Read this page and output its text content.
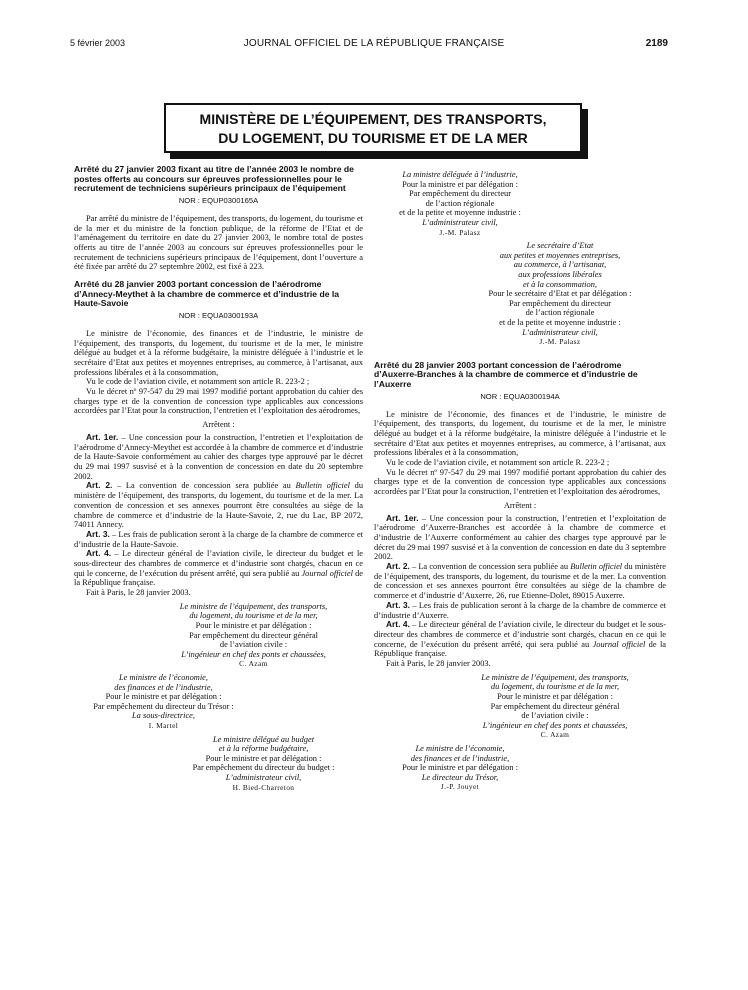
5 février 2003	JOURNAL OFFICIEL DE LA RÉPUBLIQUE FRANÇAISE	2189
MINISTÈRE DE L’ÉQUIPEMENT, DES TRANSPORTS,
DU LOGEMENT, DU TOURISME ET DE LA MER
Arrêté du 27 janvier 2003 fixant au titre de l’année 2003 le nombre de postes offerts au concours sur épreuves professionnelles pour le recrutement de techniciens supérieurs principaux de l’équipement
NOR : EQUP0300165A

Par arrêté du ministre de l’équipement, des transports, du logement, du tourisme et de la mer et du ministre de la fonction publique, de la réforme de l’Etat et de l’aménagement du territoire en date du 27 janvier 2003, le nombre total de postes offerts au titre de l’année 2003 au concours sur épreuves professionnelles pour le recrutement de techniciens supérieurs principaux de l’équipement, dont l’ouverture a été fixée par arrêté du 27 septembre 2002, est fixé à 223.

Arrêté du 28 janvier 2003 portant concession de l’aérodrome d’Annecy-Meythet à la chambre de commerce et d’industrie de la Haute-Savoie
NOR : EQUA0300193A

Le ministre de l’économie, des finances et de l’industrie, le ministre de l’équipement, des transports, du logement, du tourisme et de la mer, le ministre délégué au budget et à la réforme budgétaire, la ministre déléguée à l’industrie et le secrétaire d’Etat aux petites et moyennes entreprises, au commerce, à l’artisanat, aux professions libérales et à la consommation,

Vu le code de l’aviation civile, et notamment son article R. 223-2 ;

Vu le décret nº 97-547 du 29 mai 1997 modifié portant approbation du cahier des charges type et de la convention de concession type applicables aux concessions accordées par l’Etat pour la construction, l’entretien et l’exploitation des aérodromes,

Arrêtent :

Art. 1er. – Une concession pour la construction, l’entretien et l’exploitation de l’aérodrome d’Annecy-Meythet est accordée à la chambre de commerce et d’industrie de la Haute-Savoie conformément au cahier des charges type approuvé par le décret du 29 mai 1997 susvisé et à la convention de concession en date du 20 septembre 2002.

Art. 2. – La convention de concession sera publiée au Bulletin officiel du ministère de l’équipement, des transports, du logement, du tourisme et de la mer. La convention de concession et ses annexes pourront être consultées au siège de la chambre de commerce et d’industrie de la Haute-Savoie, 2, rue du Lac, BP 2072, 74011 Annecy.

Art. 3. – Les frais de publication seront à la charge de la chambre de commerce et d’industrie de la Haute-Savoie.

Art. 4. – Le directeur général de l’aviation civile, le directeur du budget et le sous-directeur des chambres de commerce et d’industrie sont chargés, chacun en ce qui le concerne, de l’exécution du présent arrêté, qui sera publié au Journal officiel de la République française.

Fait à Paris, le 28 janvier 2003.

Le ministre de l’équipement, des transports,
du logement, du tourisme et de la mer,
Pour le ministre et par délégation :
Par empêchement du directeur général
de l’aviation civile :
L’ingénieur en chef des ponts et chaussées,
C. Azam
Le ministre de l’économie,
des finances et de l’industrie,
Pour le ministre et par délégation :
Par empêchement du directeur du Trésor :
La sous-directrice,
I. Martel
Le ministre délégué au budget
et à la réforme budgétaire,
Pour le ministre et par délégation :
Par empêchement du directeur du budget :
L’administrateur civil,
H. Bied-Charreton
La ministre déléguée à l’industrie,
Pour la ministre et par délégation :
Par empêchement du directeur
de l’action régionale
et de la petite et moyenne industrie :
L’administrateur civil,
J.-M. Palasz
Le secrétaire d’Etat
aux petites et moyennes entreprises,
au commerce, à l’artisanat,
aux professions libérales
et à la consommation,
Pour le secrétaire d’Etat et par délégation :
Par empêchement du directeur
de l’action régionale
et de la petite et moyenne industrie :
L’administrateur civil,
J.-M. Palasz
Arrêté du 28 janvier 2003 portant concession de l’aérodrome d’Auxerre-Branches à la chambre de commerce et d’industrie de l’Auxerre
NOR : EQUA0300194A

Le ministre de l’économie, des finances et de l’industrie, le ministre de l’équipement, des transports, du logement, du tourisme et de la mer, le ministre délégué au budget et à la réforme budgétaire, la ministre déléguée à l’industrie et le secrétaire d’Etat aux petites et moyennes entreprises, au commerce, à l’artisanat, aux professions libérales et à la consommation,

Vu le code de l’aviation civile, et notamment son article R. 223-2 ;

Vu le décret nº 97-547 du 29 mai 1997 modifié portant approbation du cahier des charges type et de la convention de concession type applicables aux concessions accordées par l’Etat pour la construction, l’entretien et l’exploitation des aérodromes,

Arrêtent :

Art. 1er. – Une concession pour la construction, l’entretien et l’exploitation de l’aérodrome d’Auxerre-Branches est accordée à la chambre de commerce et d’industrie de l’Auxerre conformément au cahier des charges type approuvé par le décret du 29 mai 1997 susvisé et à la convention de concession en date du 3 septembre 2002.

Art. 2. – La convention de concession sera publiée au Bulletin officiel du ministère de l’équipement, des transports, du logement, du tourisme et de la mer. La convention de concession et ses annexes pourront être consultées au siège de la chambre de commerce et d’industrie d’Auxerre, 26, rue Etienne-Dolet, 89015 Auxerre.

Art. 3. – Les frais de publication seront à la charge de la chambre de commerce et d’industrie d’Auxerre.

Art. 4. – Le directeur général de l’aviation civile, le directeur du budget et le sous-directeur des chambres de commerce et d’industrie sont chargés, chacun en ce qui le concerne, de l’exécution du présent arrêté, qui sera publié au Journal officiel de la République française.

Fait à Paris, le 28 janvier 2003.

Le ministre de l’équipement, des transports,
du logement, du tourisme et de la mer,
Pour le ministre et par délégation :
Par empêchement du directeur général
de l’aviation civile :
L’ingénieur en chef des ponts et chaussées,
C. Azam
Le ministre de l’économie,
des finances et de l’industrie,
Pour le ministre et par délégation :
Le directeur du Trésor,
J.-P. Jouyet
